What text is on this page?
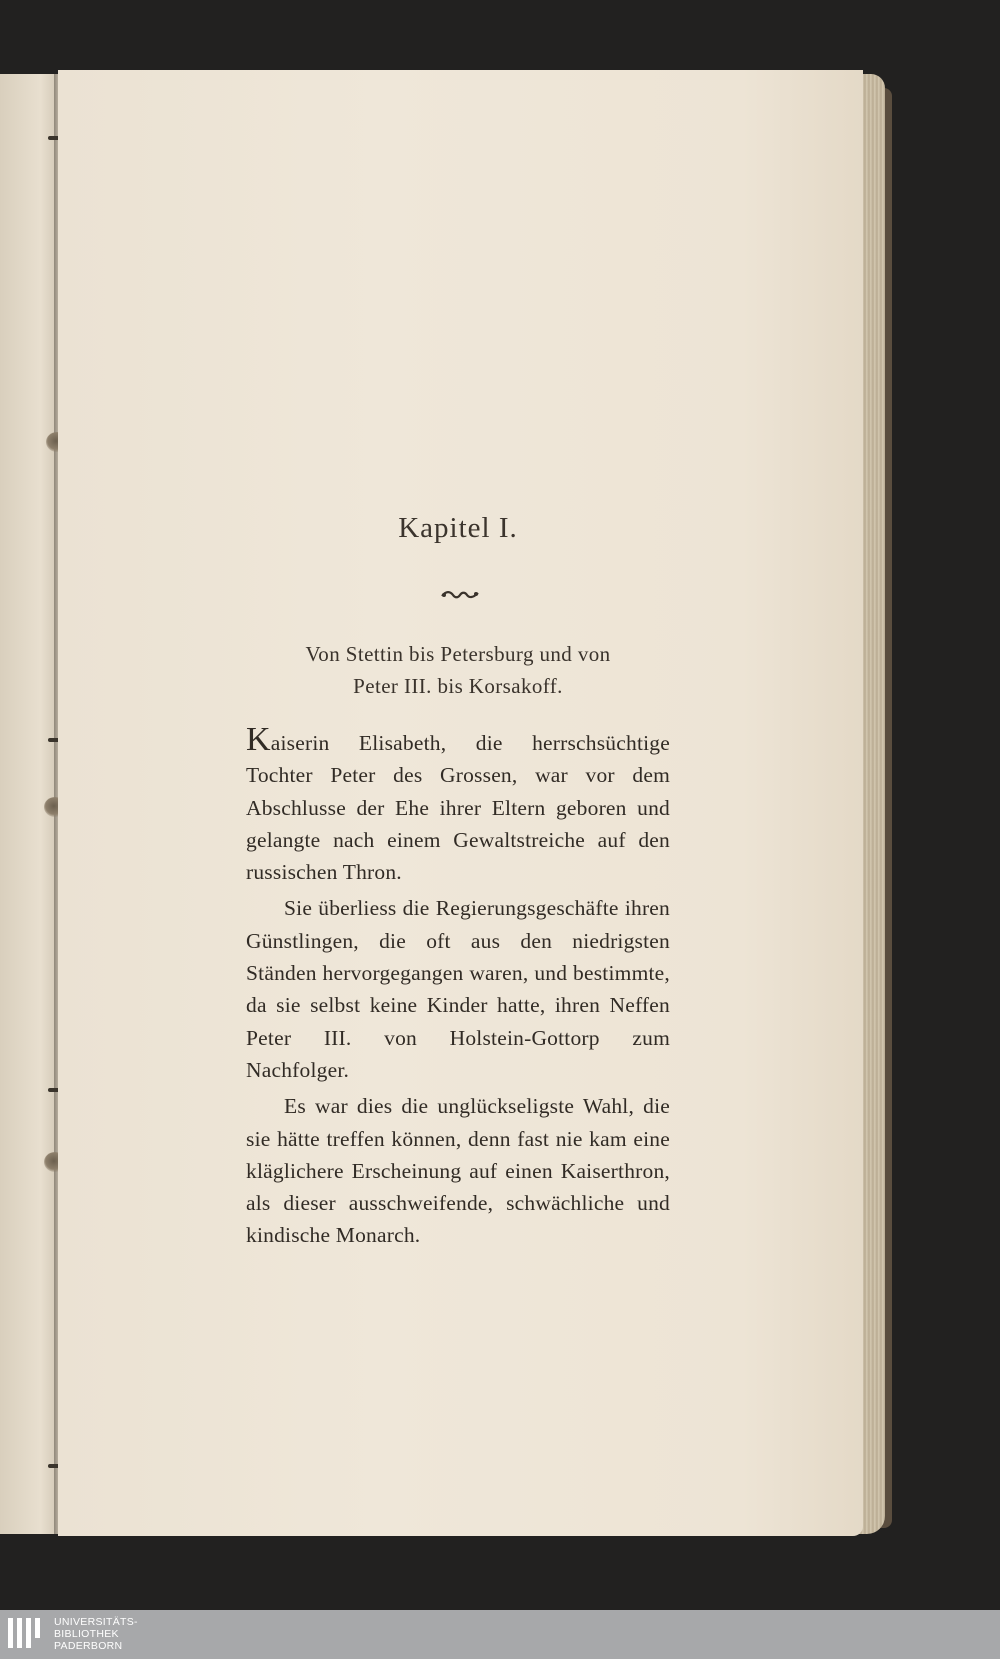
Kapitel I.
Von Stettin bis Petersburg und von
Peter III. bis Korsakoff.

Kaiserin Elisabeth, die herrschsüchtige Tochter Peter des Grossen, war vor dem Abschlusse der Ehe ihrer Eltern geboren und gelangte nach einem Gewaltstreiche auf den russischen Thron.

Sie überliess die Regierungsgeschäfte ihren Günstlingen, die oft aus den niedrigsten Ständen hervorgegangen waren, und bestimmte, da sie selbst keine Kinder hatte, ihren Neffen Peter III. von Holstein-Gottorp zum Nachfolger.

Es war dies die unglückseligste Wahl, die sie hätte treffen können, denn fast nie kam eine kläglichere Erscheinung auf einen Kaiserthron, als dieser ausschweifende, schwächliche und kindische Monarch.

UNIVERSITÄTS-
BIBLIOTHEK
PADERBORN
